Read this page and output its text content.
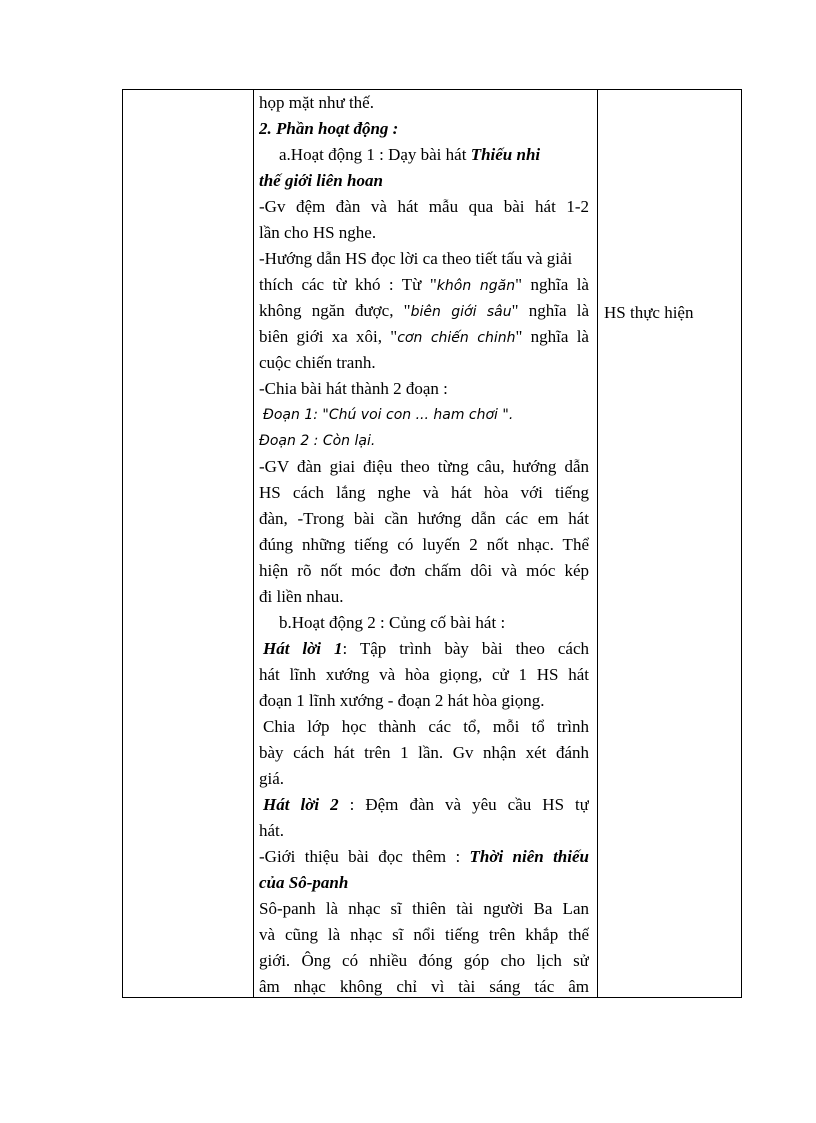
họp mặt như thế.

2. Phần hoạt động :

a.Hoạt động 1 : Dạy bài hát Thiếu nhi

thế giới liên hoan

-Gv đệm đàn và hát mẫu qua bài hát 1-2

lần cho HS nghe.

-Hướng dẫn HS đọc lời ca theo tiết tấu và giải

thích các từ khó : Từ "khôn ngăn" nghĩa là

không ngăn được, "biên giới sâu" nghĩa là

biên giới xa xôi, "cơn chiến chinh" nghĩa là

cuộc chiến tranh.

-Chia bài hát thành 2 đoạn :

Đoạn 1: "Chú voi con ... ham chơi ".

Đoạn 2 : Còn lại.

-GV đàn giai điệu theo từng câu, hướng dẫn

HS cách lắng nghe và hát hòa với tiếng

đàn, -Trong bài cần hướng dẫn các em hát

đúng những tiếng có luyến 2 nốt nhạc. Thể

hiện rõ nốt móc đơn chấm dôi và móc kép

đi liền nhau.

b.Hoạt động 2 : Củng cố bài hát :

Hát lời 1: Tập trình bày bài theo cách

hát lĩnh xướng và hòa giọng, cử 1 HS hát

đoạn 1 lĩnh xướng - đoạn 2 hát hòa giọng.

Chia lớp học thành các tổ, mỗi tổ trình

bày cách hát trên 1 lần. Gv nhận xét đánh

giá.

Hát lời 2 : Đệm đàn và yêu cầu HS tự

hát.

-Giới thiệu bài đọc thêm : Thời niên thiếu

của Sô-panh

Sô-panh là nhạc sĩ thiên tài người Ba Lan

và cũng là nhạc sĩ nổi tiếng trên khắp thế

giới. Ông có nhiều đóng góp cho lịch sử

âm nhạc không chỉ vì tài sáng tác âm

HS thực hiện
